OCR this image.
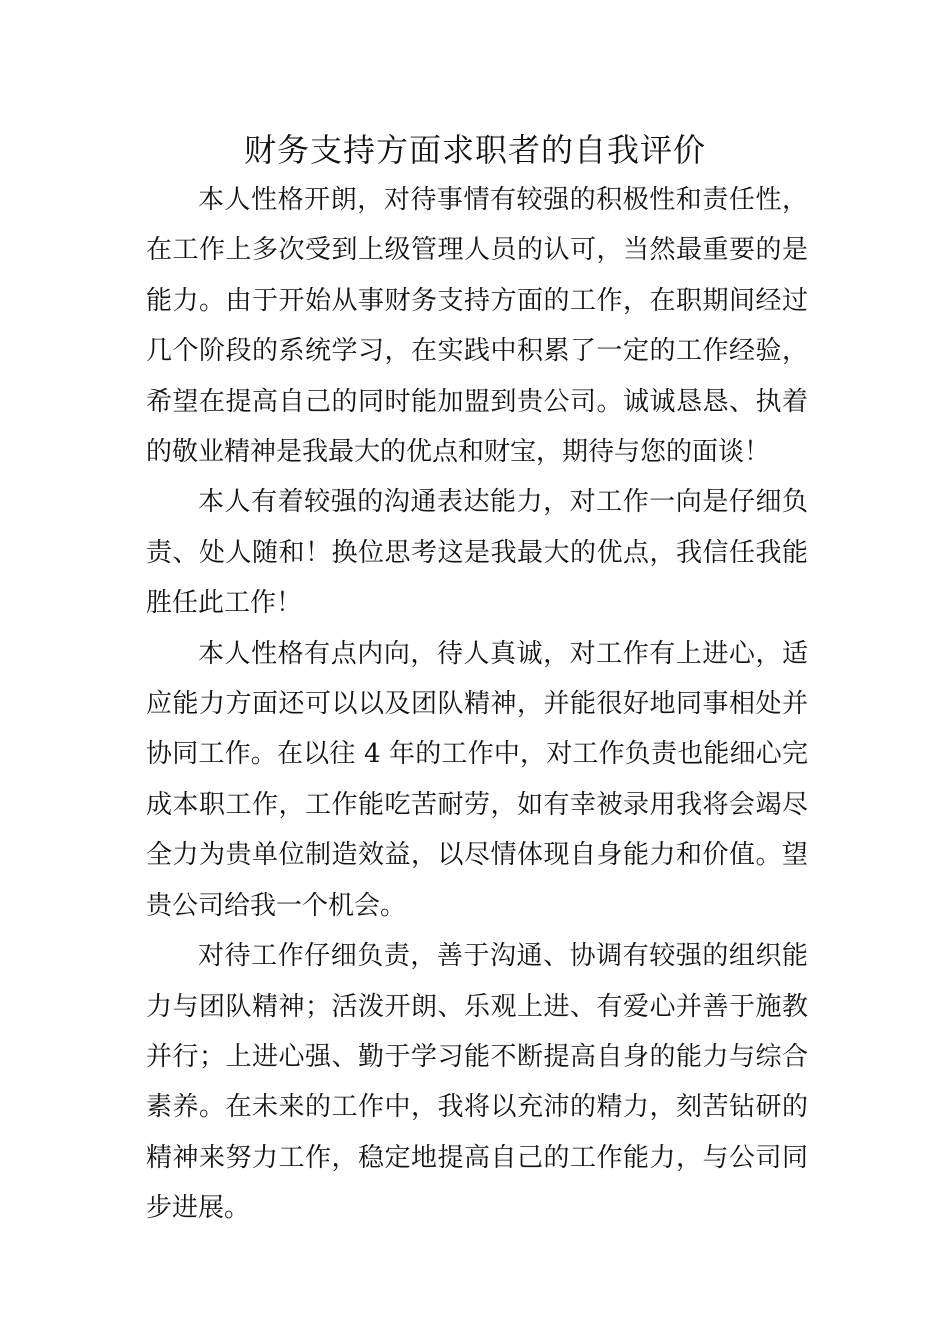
财务支持方面求职者的自我评价

本人性格开朗，对待事情有较强的积极性和责任性，在工作上多次受到上级管理人员的认可，当然最重要的是能力。由于开始从事财务支持方面的工作，在职期间经过几个阶段的系统学习，在实践中积累了一定的工作经验，希望在提高自己的同时能加盟到贵公司。诚诚恳恳、执着的敬业精神是我最大的优点和财宝，期待与您的面谈！

本人有着较强的沟通表达能力，对工作一向是仔细负责、处人随和！换位思考这是我最大的优点，我信任我能胜任此工作！

本人性格有点内向，待人真诚，对工作有上进心，适应能力方面还可以以及团队精神，并能很好地同事相处并协同工作。在以往 4 年的工作中，对工作负责也能细心完成本职工作，工作能吃苦耐劳，如有幸被录用我将会竭尽全力为贵单位制造效益，以尽情体现自身能力和价值。望贵公司给我一个机会。

对待工作仔细负责，善于沟通、协调有较强的组织能力与团队精神；活泼开朗、乐观上进、有爱心并善于施教并行；上进心强、勤于学习能不断提高自身的能力与综合素养。在未来的工作中，我将以充沛的精力，刻苦钻研的精神来努力工作，稳定地提高自己的工作能力，与公司同步进展。
